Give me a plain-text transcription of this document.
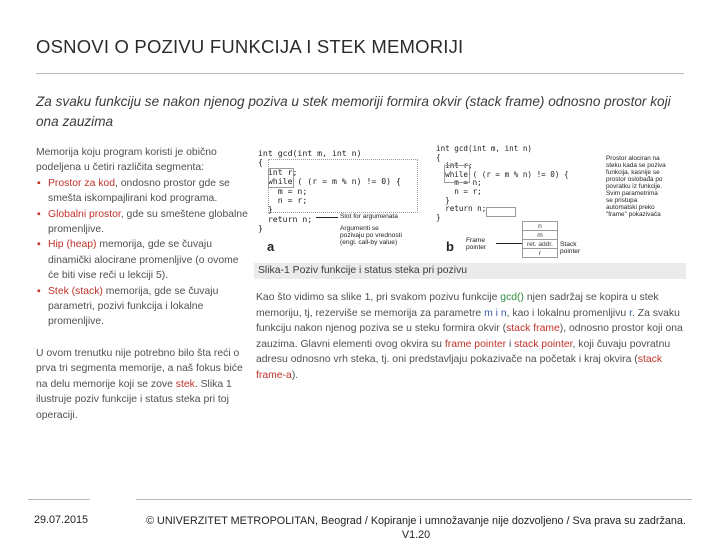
OSNOVI O POZIVU FUNKCIJA I STEK MEMORIJI
Za svaku funkciju se nakon njenog poziva u stek memoriji formira okvir (stack frame) odnosno prostor koji ona zauzima

Memorija koju program koristi je obično podeljena u četiri različita segmenta:

▪ Prostor za kod, ondosno prostor gde se smešta iskompajlirani kod programa.
▪ Globalni prostor, gde su smeštene globalne promenljive.
▪ Hip (heap) memorija, gde se čuvaju dinamički alocirane promenljive (o ovome će biti vise reči u lekciji 5).
▪ Stek (stack) memorija, gde se čuvaju parametri, pozivi funkcija i lokalne promenljive.

U ovom trenutku nije potrebno bilo šta reći o prva tri segmenta memorije, a naš fokus biće na delu memorije koji se zove stek. Slika 1 ilustruje poziv funkcije i status steka pri toj operaciji.

int gcd(int m, int n)
{
int r;
while ( (r = m % n) != 0) {
m = n;
n = r;
}
return n;
}
Slot for argumenata
Argumenti se
pozivaju po vrednosti
(engl. call-by value)
a
int gcd(int m, int n)
{
int r;
while ( (r = m % n) != 0) {
m = n;
n = r;
}
return n;
}
Prostor alociran na
steku kada se poziva
funkcija, kasnije se
prostor oslobađa po
povratku iz funkcije.
Svim parametrima
se pristupa
automatski preko
"frame" pokazivača
n
m
ret. addr.
r
Frame
pointer	Stack
pointer
b
Slika-1 Poziv funkcije i status steka pri pozivu
Kao što vidimo sa slike 1, pri svakom pozivu funkcije gcd() njen sadržaj se kopira u stek memoriju, tj, rezerviše se memorija za parametre m i n, kao i lokalnu promenljivu r. Za svaku funkciju nakon njenog poziva se u steku formira okvir (stack frame), odnosno prostor koji ona zauzima. Glavni elementi ovog okvira su frame pointer i stack pointer, koji čuvaju povratnu adresu odnosno vrh steka, tj. oni predstavljaju pokazivače na početak i kraj okvira (stack frame-a).
29.07.2015	© UNIVERZITET METROPOLITAN, Beograd / Kopiranje i umnožavanje nije dozvoljeno / Sva prava su zadržana. V1.20
